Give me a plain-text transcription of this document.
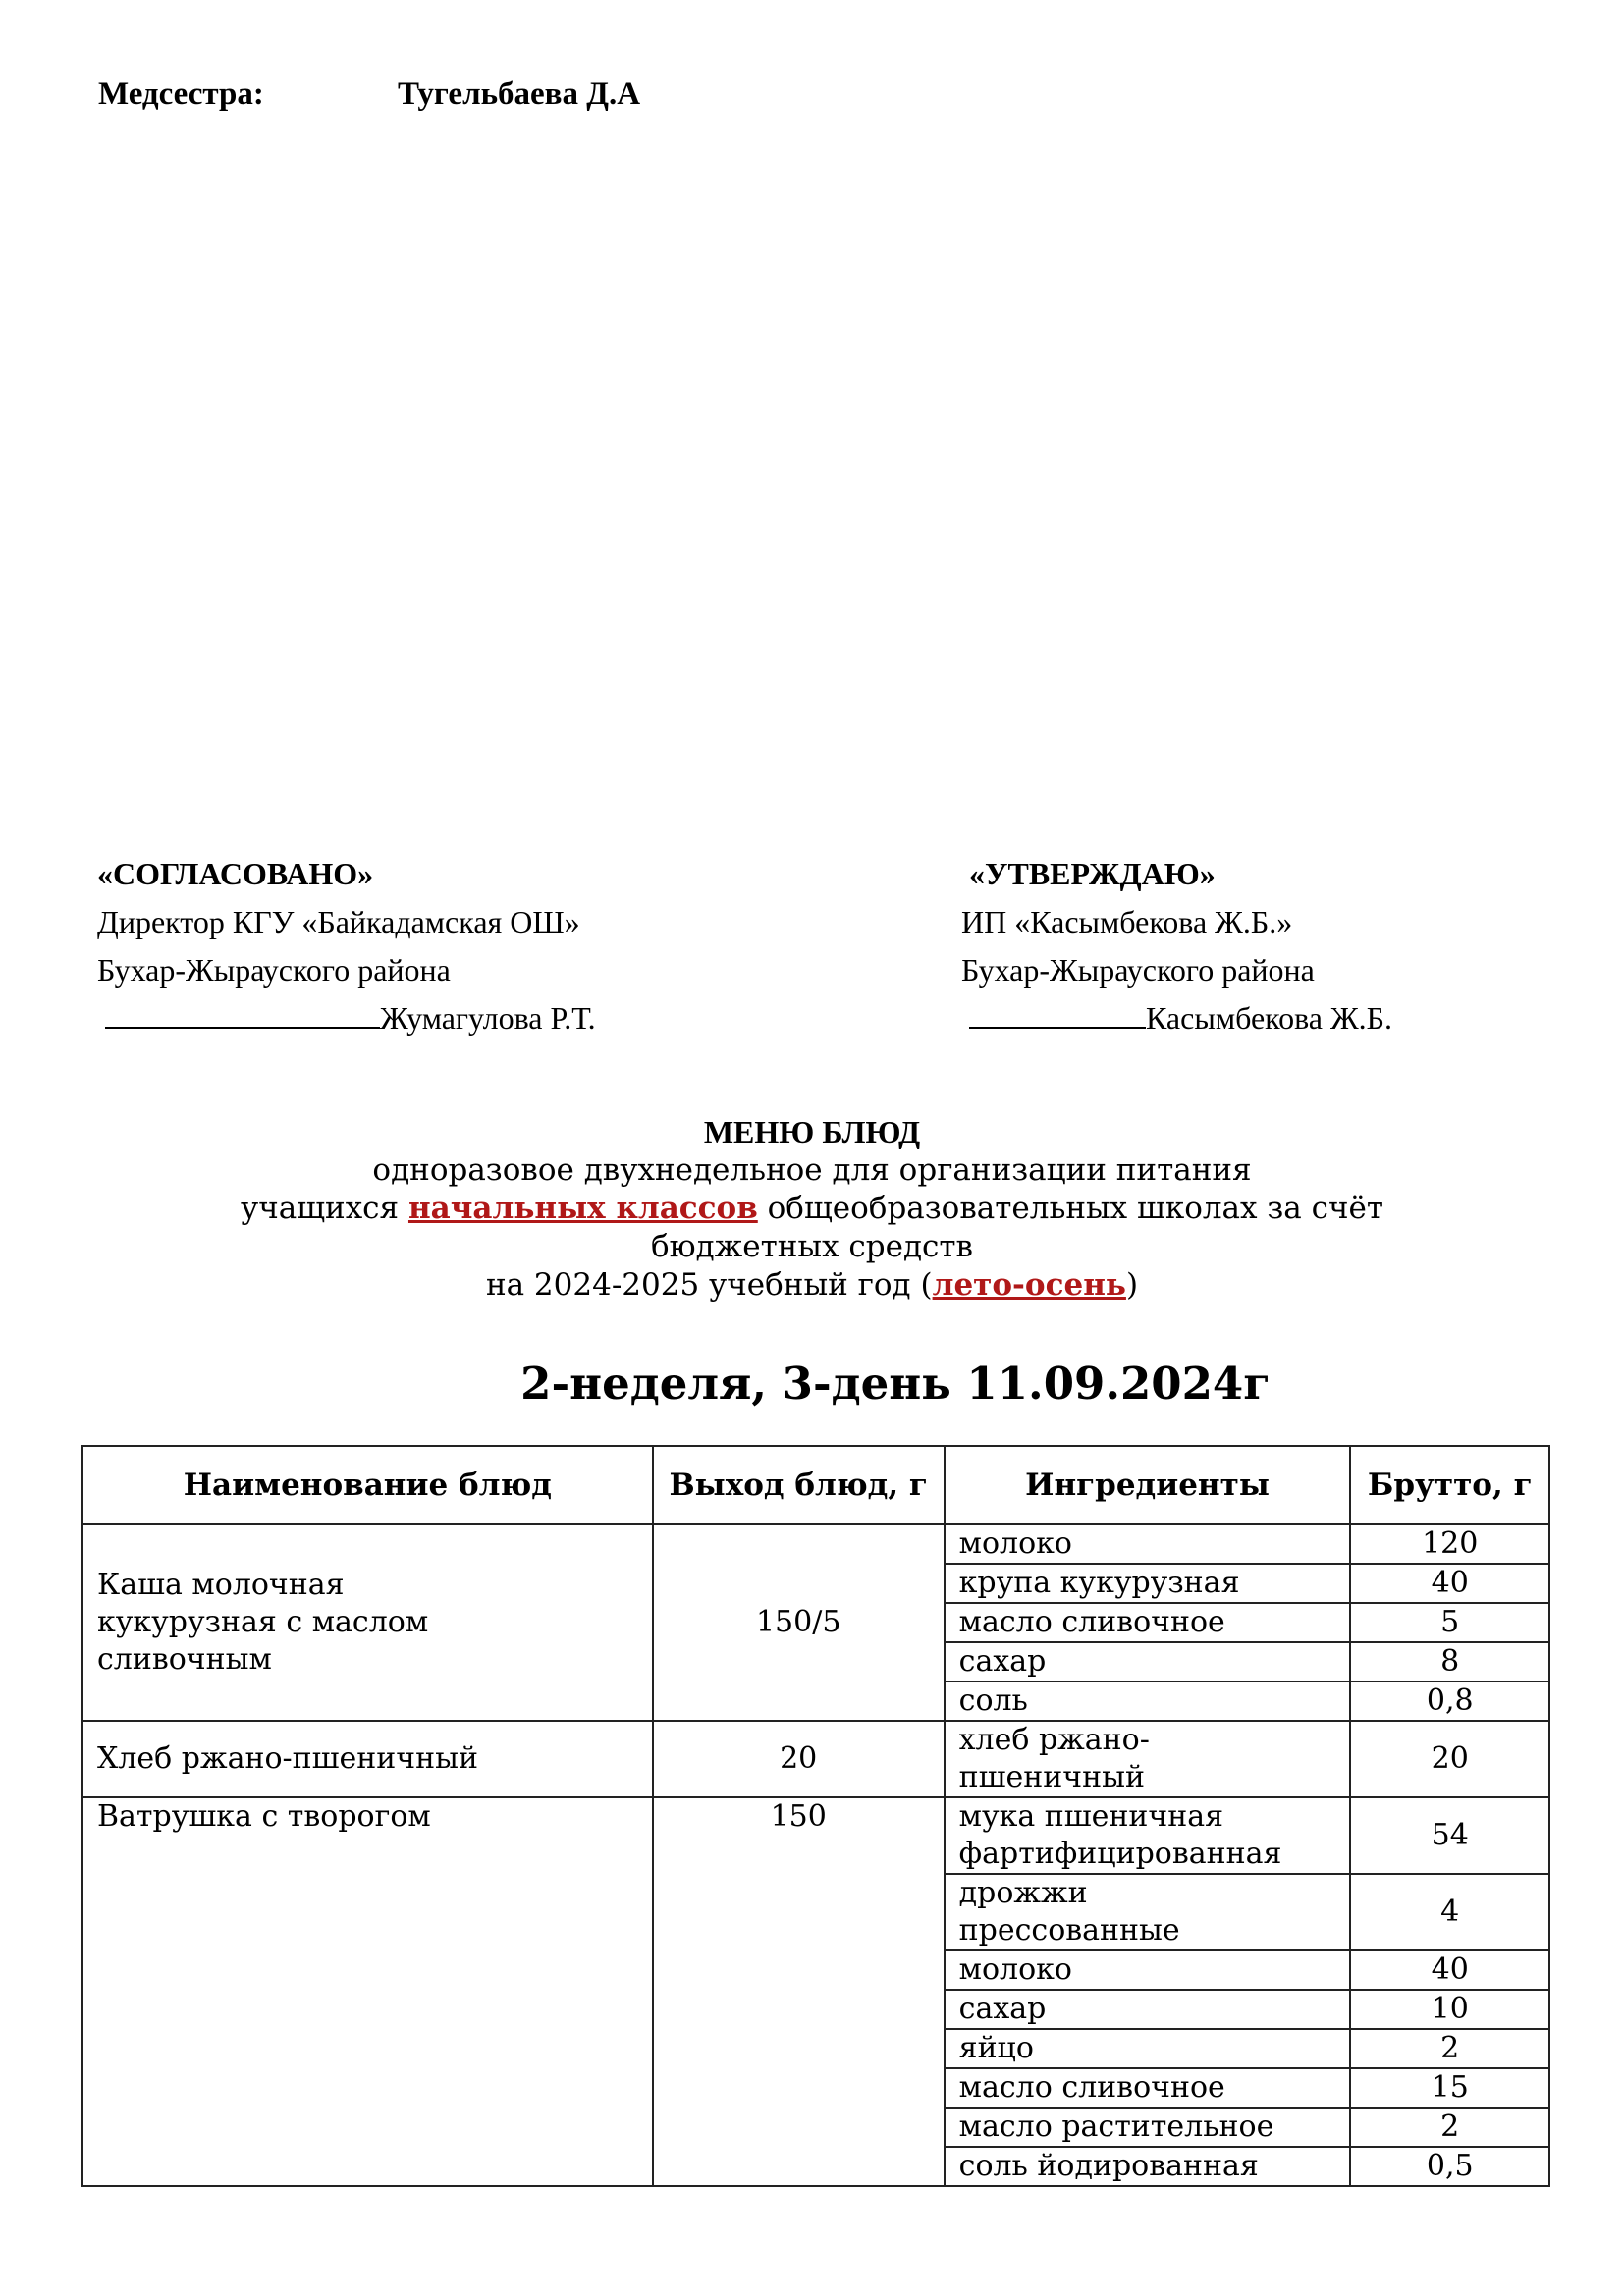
Медсестра:	Тугельбаева Д.А
«СОГЛАСОВАНО»
Директор КГУ «Байкадамская ОШ»
Бухар-Жырауского района
Жумагулова Р.Т.
«УТВЕРЖДАЮ»
ИП «Касымбекова Ж.Б.»
Бухар-Жырауского района
Касымбекова Ж.Б.
МЕНЮ БЛЮД
одноразовое двухнедельное для организации питания
учащихся начальных классов общеобразовательных школах за счёт
бюджетных средств
на 2024-2025 учебный год (лето-осень)
2-неделя, 3-день 11.09.2024г
Наименование блюд	Выход блюд, г	Ингредиенты	Брутто, г
Каша молочная кукурузная с маслом сливочным	150/5	молоко	120
		крупа кукурузная	40
		масло сливочное	5
		сахар	8
		соль	0,8
Хлеб ржано-пшеничный	20	хлеб ржано-пшеничный	20
Ватрушка с творогом	150	мука пшеничная фартифицированная	54
		дрожжи прессованные	4
		молоко	40
		сахар	10
		яйцо	2
		масло сливочное	15
		масло растительное	2
		соль йодированная	0,5
